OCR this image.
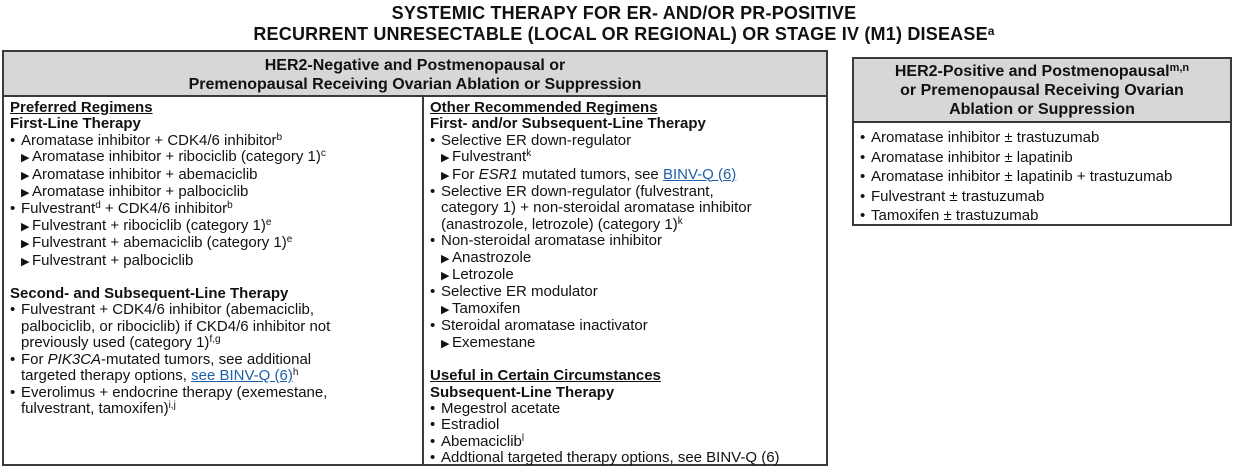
SYSTEMIC THERAPY FOR ER- AND/OR PR-POSITIVE
RECURRENT UNRESECTABLE (LOCAL OR REGIONAL) OR STAGE IV (M1) DISEASE$^a$
HER2-Negative and Postmenopausal or
Premenopausal Receiving Ovarian Ablation or Suppression
Preferred Regimens
First-Line Therapy
• Aromatase inhibitor + CDK4/6 inhibitor$^b$
▶ Aromatase inhibitor + ribociclib (category 1)$^c$
▶ Aromatase inhibitor + abemaciclib
▶ Aromatase inhibitor + palbociclib
• Fulvestrant$^d$ + CDK4/6 inhibitor$^b$
▶ Fulvestrant + ribociclib (category 1)$^e$
▶ Fulvestrant + abemaciclib (category 1)$^e$
▶ Fulvestrant + palbociclib
Second- and Subsequent-Line Therapy
• Fulvestrant + CDK4/6 inhibitor (abemaciclib,
palbociclib, or ribociclib) if CKD4/6 inhibitor not
previously used (category 1)$^{f,g}$
• For PIK3CA-mutated tumors, see additional
targeted therapy options, see BINV-Q $(6)^h$
• Everolimus + endocrine therapy (exemestane,
fulvestrant, tamoxifen)$^{i,j}$
Other Recommended Regimens
First- and/or Subsequent-Line Therapy
• Selective ER down-regulator
▶ Fulvestrant$^k$
▶ For ESR1 mutated tumors, see BINV-Q (6)
• Selective ER down-regulator (fulvestrant,
category 1) + non-steroidal aromatase inhibitor
(anastrozole, letrozole) (category 1)$^k$
• Non-steroidal aromatase inhibitor
▶ Anastrozole
▶ Letrozole
• Selective ER modulator
▶ Tamoxifen
• Steroidal aromatase inactivator
▶ Exemestane
Useful in Certain Circumstances
Subsequent-Line Therapy
• Megestrol acetate
• Estradiol
• Abemaciclib$^l$
• Addtional targeted therapy options, see BINV-Q (6)
HER2-Positive and Postmenopausal$^{m,n}$
or Premenopausal Receiving Ovarian
Ablation or Suppression
• Aromatase inhibitor ± trastuzumab
• Aromatase inhibitor ± lapatinib
• Aromatase inhibitor ± lapatinib + trastuzumab
• Fulvestrant ± trastuzumab
• Tamoxifen ± trastuzumab
